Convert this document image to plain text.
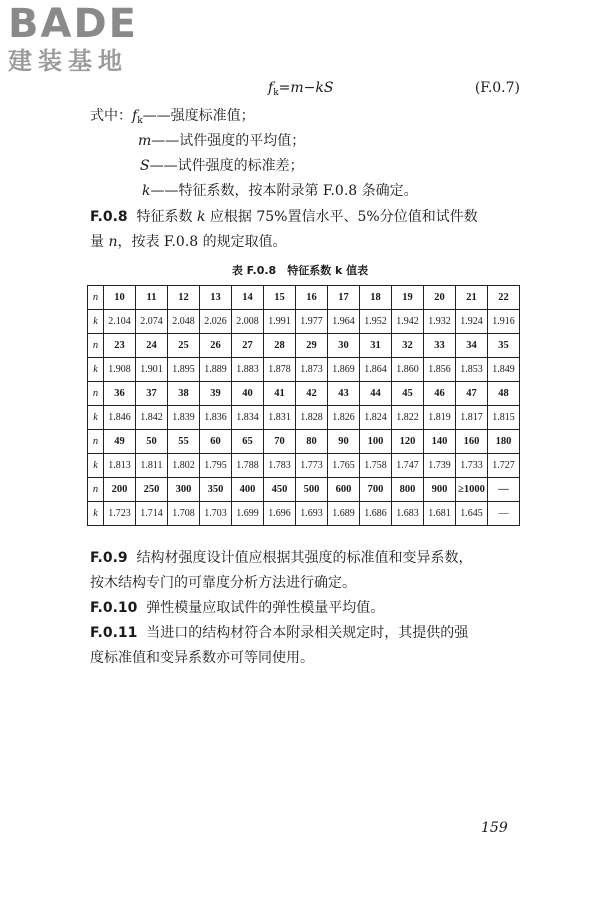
BADE
建装基地
$f_k=m-kS$	(F.0.7)
式中：$f_k——$强度标准值；
m——试件强度的平均值；
S——试件强度的标准差；
k——特征系数，按本附录第 F.0.8 条确定。
F.0.8 特征系数 k 应根据 75%置信水平、5%分位值和试件数
量 n，按表 F.0.8 的规定取值。
表 F.0.8　特征系数 k 值表
n	10	11	12	13	14	15	16	17	18	19	20	21	22
k	2.104	2.074	2.048	2.026	2.008	1.991	1.977	1.964	1.952	1.942	1.932	1.924	1.916
n	23	24	25	26	27	28	29	30	31	32	33	34	35
k	1.908	1.901	1.895	1.889	1.883	1.878	1.873	1.869	1.864	1.860	1.856	1.853	1.849
n	36	37	38	39	40	41	42	43	44	45	46	47	48
k	1.846	1.842	1.839	1.836	1.834	1.831	1.828	1.826	1.824	1.822	1.819	1.817	1.815
n	49	50	55	60	65	70	80	90	100	120	140	160	180
k	1.813	1.811	1.802	1.795	1.788	1.783	1.773	1.765	1.758	1.747	1.739	1.733	1.727
n	200	250	300	350	400	450	500	600	700	800	900	≥1000	—
k	1.723	1.714	1.708	1.703	1.699	1.696	1.693	1.689	1.686	1.683	1.681	1.645	—
F.0.9 结构材强度设计值应根据其强度的标准值和变异系数，
按木结构专门的可靠度分析方法进行确定。
F.0.10 弹性模量应取试件的弹性模量平均值。
F.0.11 当进口的结构材符合本附录相关规定时，其提供的强
度标准值和变异系数亦可等同使用。
159
